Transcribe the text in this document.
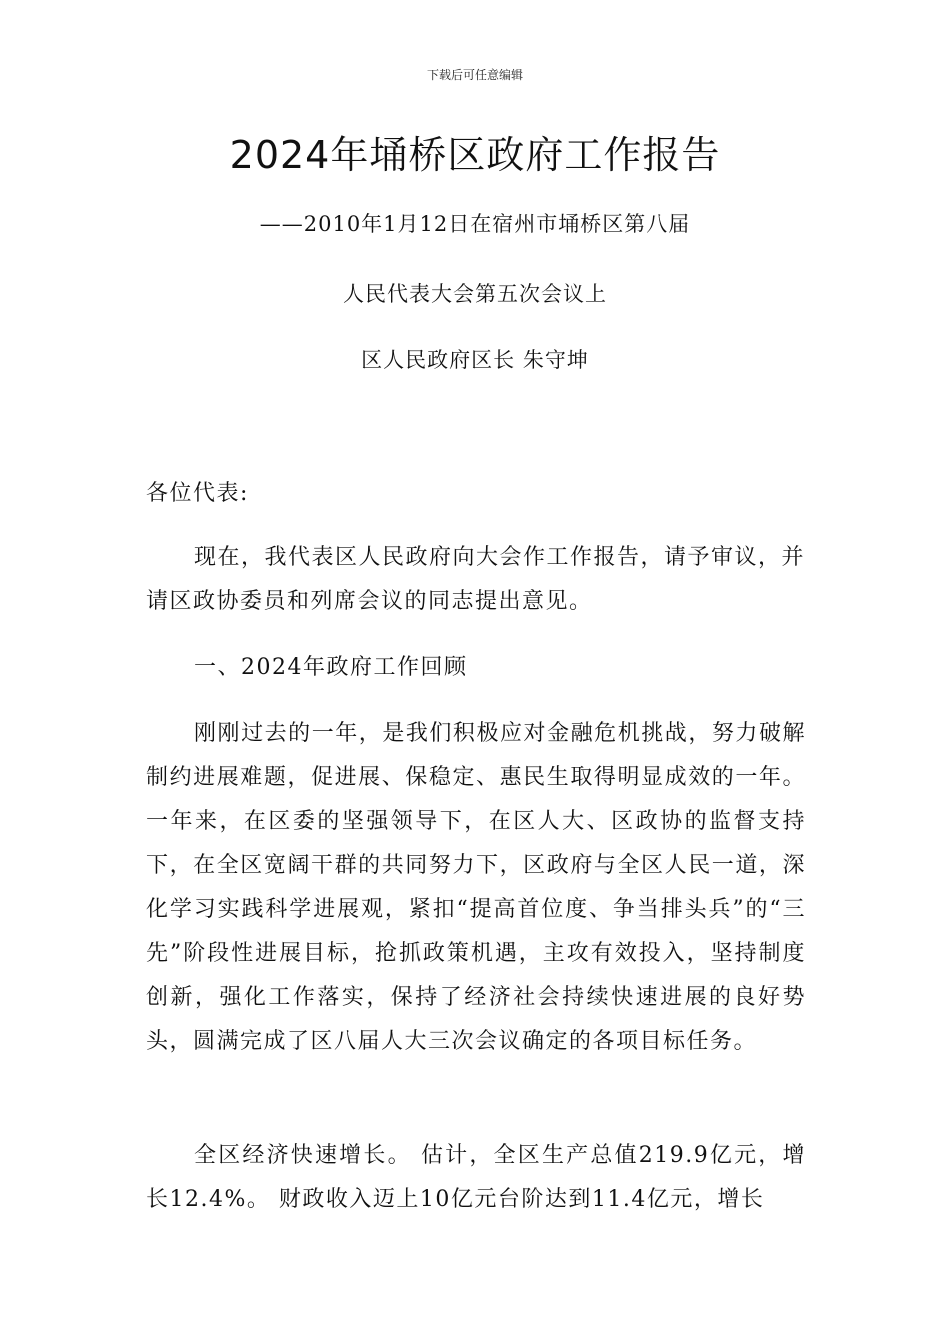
下载后可任意编辑
2024年埇桥区政府工作报告
——2010年1月12日在宿州市埇桥区第八届
人民代表大会第五次会议上
区人民政府区长 朱守坤

各位代表:

现在，我代表区人民政府向大会作工作报告，请予审议，并请区政协委员和列席会议的同志提出意见。

一、2024年政府工作回顾

刚刚过去的一年，是我们积极应对金融危机挑战，努力破解制约进展难题，促进展、保稳定、惠民生取得明显成效的一年。一年来，在区委的坚强领导下，在区人大、区政协的监督支持下，在全区宽阔干群的共同努力下，区政府与全区人民一道，深化学习实践科学进展观，紧扣“提高首位度、争当排头兵”的“三先”阶段性进展目标，抢抓政策机遇，主攻有效投入，坚持制度创新，强化工作落实，保持了经济社会持续快速进展的良好势头，圆满完成了区八届人大三次会议确定的各项目标任务。

全区经济快速增长。 估计，全区生产总值219.9亿元，增长12.4%。 财政收入迈上10亿元台阶达到11.4亿元，增长
